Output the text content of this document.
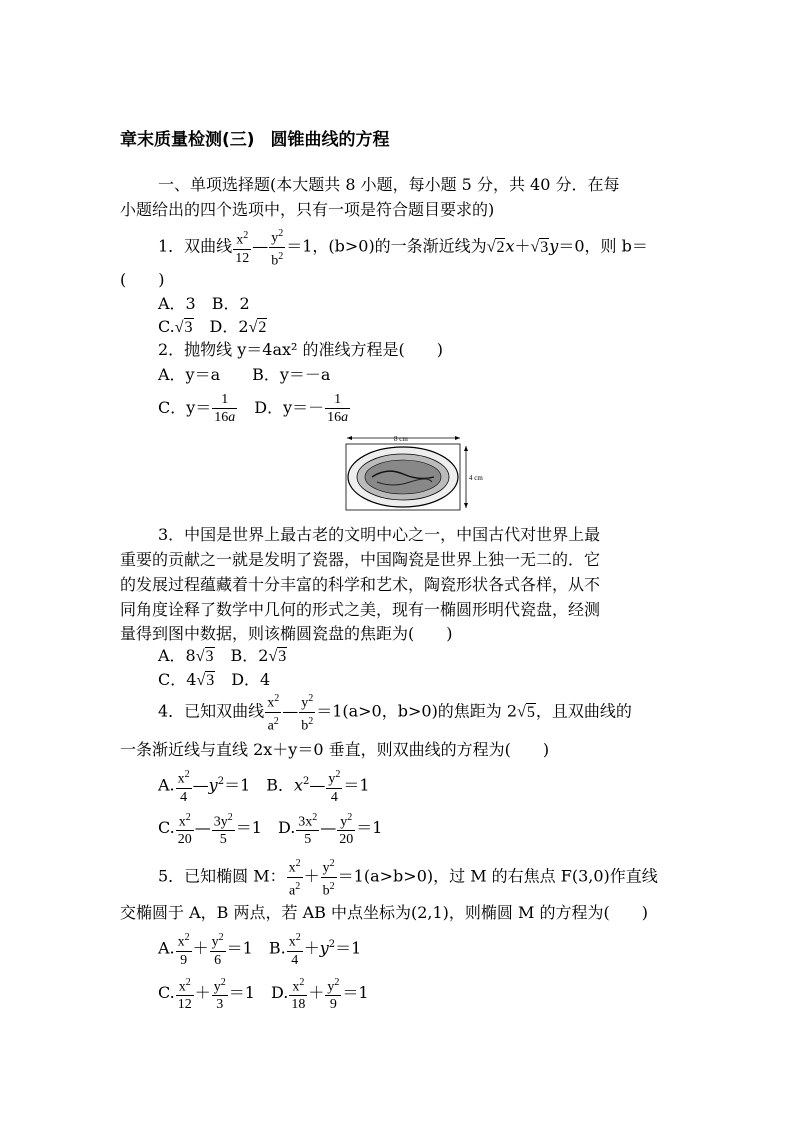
章末质量检测(三) 圆锥曲线的方程
一、单项选择题(本大题共 8 小题，每小题 5 分，共 40 分．在每
小题给出的四个选项中，只有一项是符合题目要求的)
1．双曲线 $\frac{x^2}{12}$ — $\frac{y^2}{b^2} =1$，(b>0)的一条渐近线为√2x＋√3y＝0，则 b＝
(　　)
A．3　B．2
C.√3　D．2√2
2．抛物线 y＝4ax² 的准线方程是(　　)
A．y＝a　　B．y＝－a
C．$y= \frac{1}{16a}$ 　D．$y=- \frac{1}{16a}$
8 cm
4 cm
3．中国是世界上最古老的文明中心之一，中国古代对世界上最
重要的贡献之一就是发明了瓷器，中国陶瓷是世界上独一无二的．它
的发展过程蕴藏着十分丰富的科学和艺术，陶瓷形状各式各样，从不
同角度诠释了数学中几何的形式之美，现有一椭圆形明代瓷盘，经测
量得到图中数据，则该椭圆瓷盘的焦距为(　　)
A．8√3　B．2√3
C．4√3　D．4
4．已知双曲线 $\frac{x^2}{a^2}$ — $\frac{y^2}{b^2} =1(a>0$，b>0)的焦距为 2√5，且双曲线的
一条渐近线与直线 2x＋y＝0 垂直，则双曲线的方程为(　　)
A. $\frac{x^2}{4}$ $—y^2=1$　B．$x^2— \frac{y^2}{4} =1$
C. $\frac{x^2}{20}$ — $\frac{3y^2}{5} =1$　D. $\frac{3x^2}{5}$ — $\frac{y^2}{20} =1$
5．已知椭圆 M： $\frac{x^2}{a^2} + \frac{y^2}{b^2} =1(a>b>0)$，过 M 的右焦点 F(3,0)作直线
交椭圆于 A，B 两点，若 AB 中点坐标为(2,1)，则椭圆 M 的方程为(　　)
A. $\frac{x^2}{9} + \frac{y^2}{6} =1$　B. $\frac{x^2}{4} +y^2=1$
C. $\frac{x^2}{12} + \frac{y^2}{3} =1$　D. $\frac{x^2}{18} + \frac{y^2}{9} =1$
